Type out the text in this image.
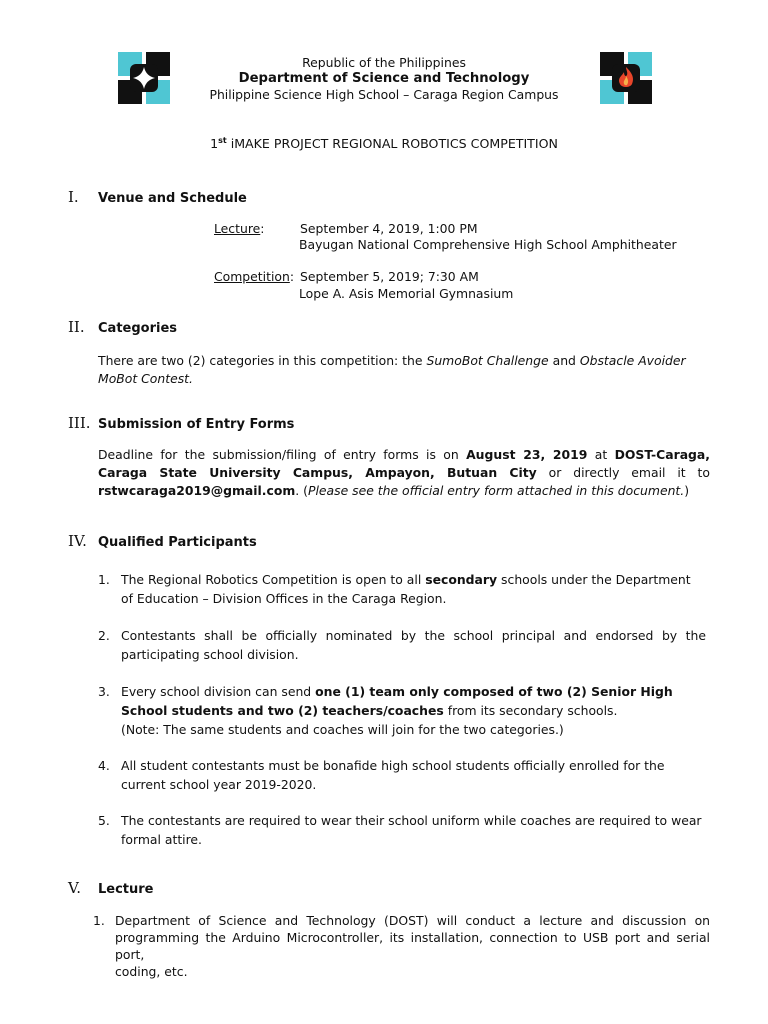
Republic of the Philippines
Department of Science and Technology
Philippine Science High School – Caraga Region Campus
1st iMAKE PROJECT REGIONAL ROBOTICS COMPETITION
I. Venue and Schedule
Lecture:	September 4, 2019, 1:00 PM
Bayugan National Comprehensive High School Amphitheater
Competition: September 5, 2019; 7:30 AM
Lope A. Asis Memorial Gymnasium
II. Categories
There are two (2) categories in this competition: the SumoBot Challenge and Obstacle Avoider
MoBot Contest.
III. Submission of Entry Forms
Deadline for the submission/filing of entry forms is on August 23, 2019 at DOST-Caraga,
Caraga State University Campus, Ampayon, Butuan City or directly email it to
rstwcaraga2019@gmail.com. (Please see the official entry form attached in this document.)
IV. Qualified Participants
1. The Regional Robotics Competition is open to all secondary schools under the Department
of Education – Division Offices in the Caraga Region.
2. Contestants shall be officially nominated by the school principal and endorsed by the
participating school division.
3. Every school division can send one (1) team only composed of two (2) Senior High
School students and two (2) teachers/coaches from its secondary schools.
(Note: The same students and coaches will join for the two categories.)
4. All student contestants must be bonafide high school students officially enrolled for the
current school year 2019-2020.
5. The contestants are required to wear their school uniform while coaches are required to wear
formal attire.
V. Lecture
1. Department of Science and Technology (DOST) will conduct a lecture and discussion on
programming the Arduino Microcontroller, its installation, connection to USB port and serial port,
coding, etc.
